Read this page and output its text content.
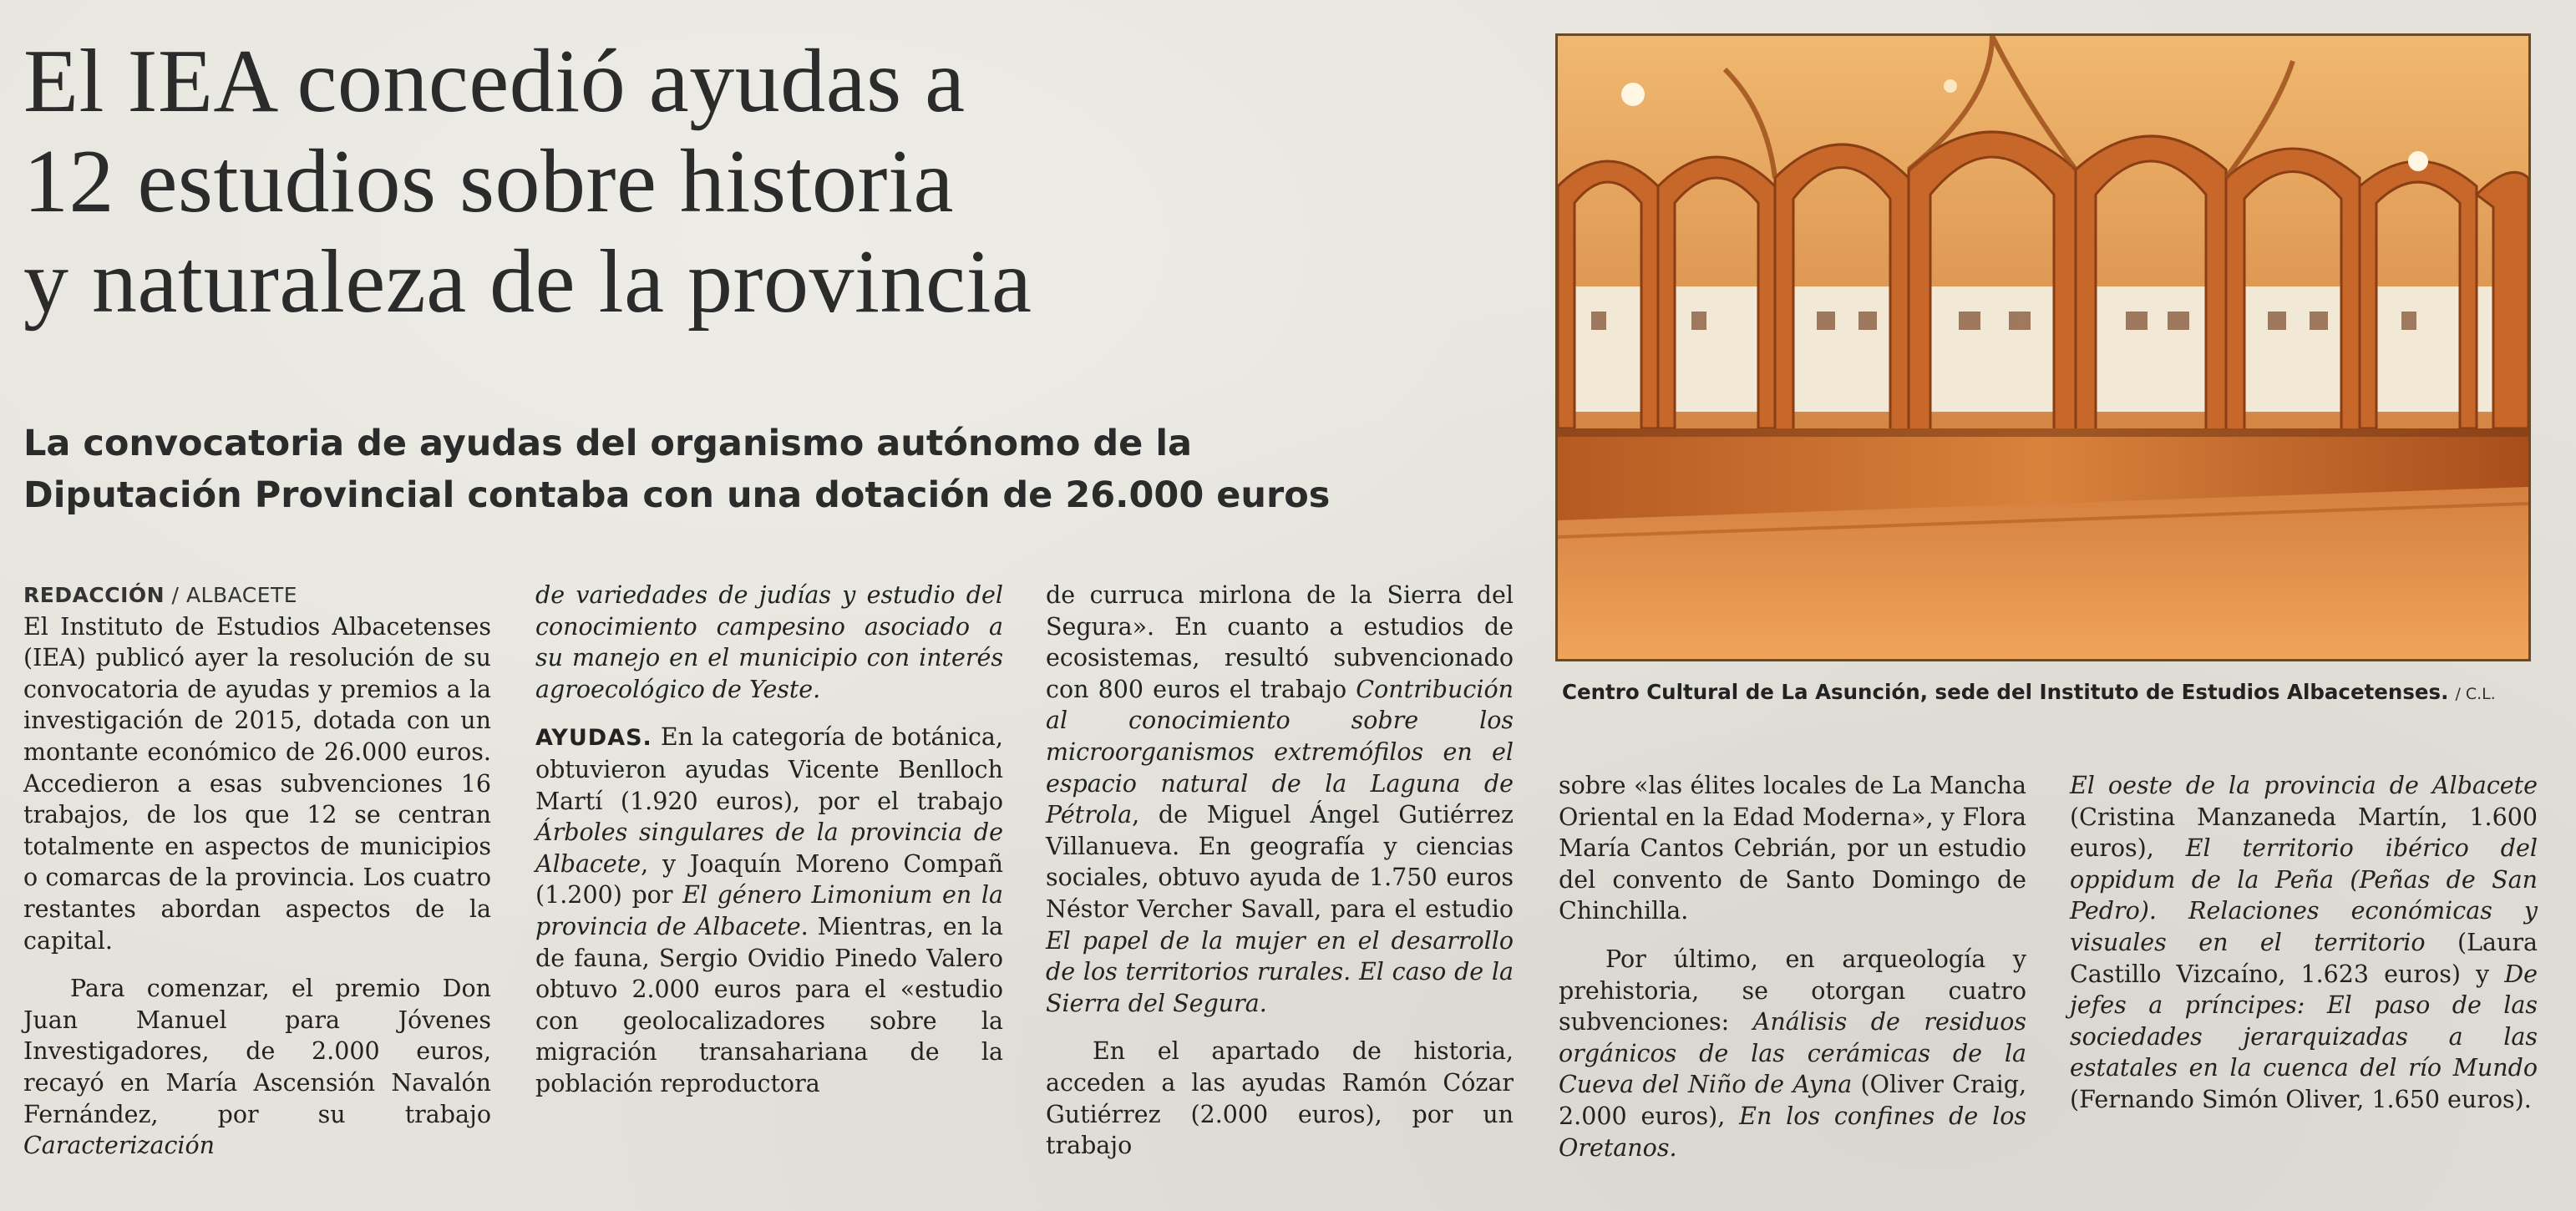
El IEA concedió ayudas a
12 estudios sobre historia
y naturaleza de la provincia
La convocatoria de ayudas del organismo autónomo de la
Diputación Provincial contaba con una dotación de 26.000 euros
REDACCIÓN / ALBACETE

El Instituto de Estudios Albacetenses (IEA) publicó ayer la resolución de su convocatoria de ayudas y premios a la investigación de 2015, dotada con un montante económico de 26.000 euros. Accedieron a esas subvenciones 16 trabajos, de los que 12 se centran totalmente en aspectos de municipios o comarcas de la provincia. Los cuatro restantes abordan aspectos de la capital.

Para comenzar, el premio Don Juan Manuel para Jóvenes Investigadores, de 2.000 euros, recayó en María Ascensión Navalón Fernández, por su trabajo Caracterización

de variedades de judías y estudio del conocimiento campesino asociado a su manejo en el municipio con interés agroecológico de Yeste.

AYUDAS. En la categoría de botánica, obtuvieron ayudas Vicente Benlloch Martí (1.920 euros), por el trabajo Árboles singulares de la provincia de Albacete, y Joaquín Moreno Compañ (1.200) por El género Limonium en la provincia de Albacete. Mientras, en la de fauna, Sergio Ovidio Pinedo Valero obtuvo 2.000 euros para el «estudio con geolocalizadores sobre la migración transahariana de la población reproductora

de curruca mirlona de la Sierra del Segura». En cuanto a estudios de ecosistemas, resultó subvencionado con 800 euros el trabajo Contribución al conocimiento sobre los microorganismos extremófilos en el espacio natural de la Laguna de Pétrola, de Miguel Ángel Gutiérrez Villanueva. En geografía y ciencias sociales, obtuvo ayuda de 1.750 euros Néstor Vercher Savall, para el estudio El papel de la mujer en el desarrollo de los territorios rurales. El caso de la Sierra del Segura.

En el apartado de historia, acceden a las ayudas Ramón Cózar Gutiérrez (2.000 euros), por un trabajo

Centro Cultural de La Asunción, sede del Instituto de Estudios Albacetenses. / C.L.

sobre «las élites locales de La Mancha Oriental en la Edad Moderna», y Flora María Cantos Cebrián, por un estudio del convento de Santo Domingo de Chinchilla.

Por último, en arqueología y prehistoria, se otorgan cuatro subvenciones: Análisis de residuos orgánicos de las cerámicas de la Cueva del Niño de Ayna (Oliver Craig, 2.000 euros), En los confines de los Oretanos.

El oeste de la provincia de Albacete (Cristina Manzaneda Martín, 1.600 euros), El territorio ibérico del oppidum de la Peña (Peñas de San Pedro). Relaciones económicas y visuales en el territorio (Laura Castillo Vizcaíno, 1.623 euros) y De jefes a príncipes: El paso de las sociedades jerarquizadas a las estatales en la cuenca del río Mundo (Fernando Simón Oliver, 1.650 euros).
